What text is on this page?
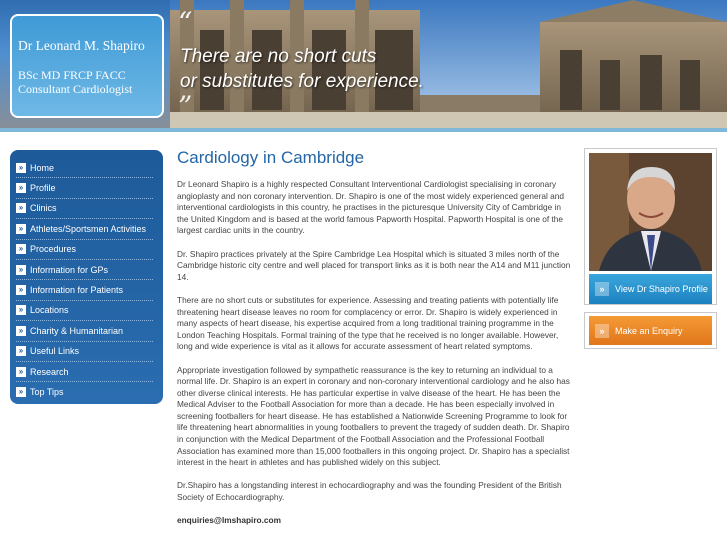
Dr Leonard M. Shapiro
BSc MD FRCP FACC
Consultant Cardiologist
“
There are no short cuts
or substitutes for experience.
”
» Home
» Profile
» Clinics
» Athletes/Sportsmen Activities
» Procedures
» Information for GPs
» Information for Patients
» Locations
» Charity & Humanitarian
» Useful Links
» Research
» Top Tips
Cardiology in Cambridge

Dr Leonard Shapiro is a highly respected Consultant Interventional Cardiologist specialising in coronary angioplasty and non coronary intervention. Dr. Shapiro is one of the most widely experienced general and interventional cardiologists in this country, he practises in the picturesque University City of Cambridge in the United Kingdom and is based at the world famous Papworth Hospital. Papworth Hospital is one of the largest cardiac units in the country.

Dr. Shapiro practices privately at the Spire Cambridge Lea Hospital which is situated 3 miles north of the Cambridge historic city centre and well placed for transport links as it is both near the A14 and M11 junction 14.

There are no short cuts or substitutes for experience. Assessing and treating patients with potentially life threatening heart disease leaves no room for complacency or error. Dr. Shapiro is widely experienced in many aspects of heart disease, his expertise acquired from a long traditional training programme in the London Teaching Hospitals. Formal training of the type that he received is no longer available. However, long and wide experience is vital as it allows for accurate assessment of heart related symptoms.

Appropriate investigation followed by sympathetic reassurance is the key to returning an individual to a normal life. Dr. Shapiro is an expert in coronary and non-coronary interventional cardiology and he also has other diverse clinical interests. He has particular expertise in valve disease of the heart. He has been the Medical Adviser to the Football Association for more than a decade. He has been especially involved in screening footballers for heart disease. He has established a Nationwide Screening Programme to look for life threatening heart abnormalities in young footballers to prevent the tragedy of sudden death. Dr. Shapiro in conjunction with the Medical Department of the Football Association and the Professional Football Association has examined more than 15,000 footballers in this ongoing project. Dr. Shapiro has a specialist interest in the heart in athletes and has published widely on this subject.

Dr.Shapiro has a longstanding interest in echocardiography and was the founding President of the British Society of Echocardiography.

enquiries@lmshapiro.com
»	View Dr Shapiro Profile
»	Make an Enquiry
